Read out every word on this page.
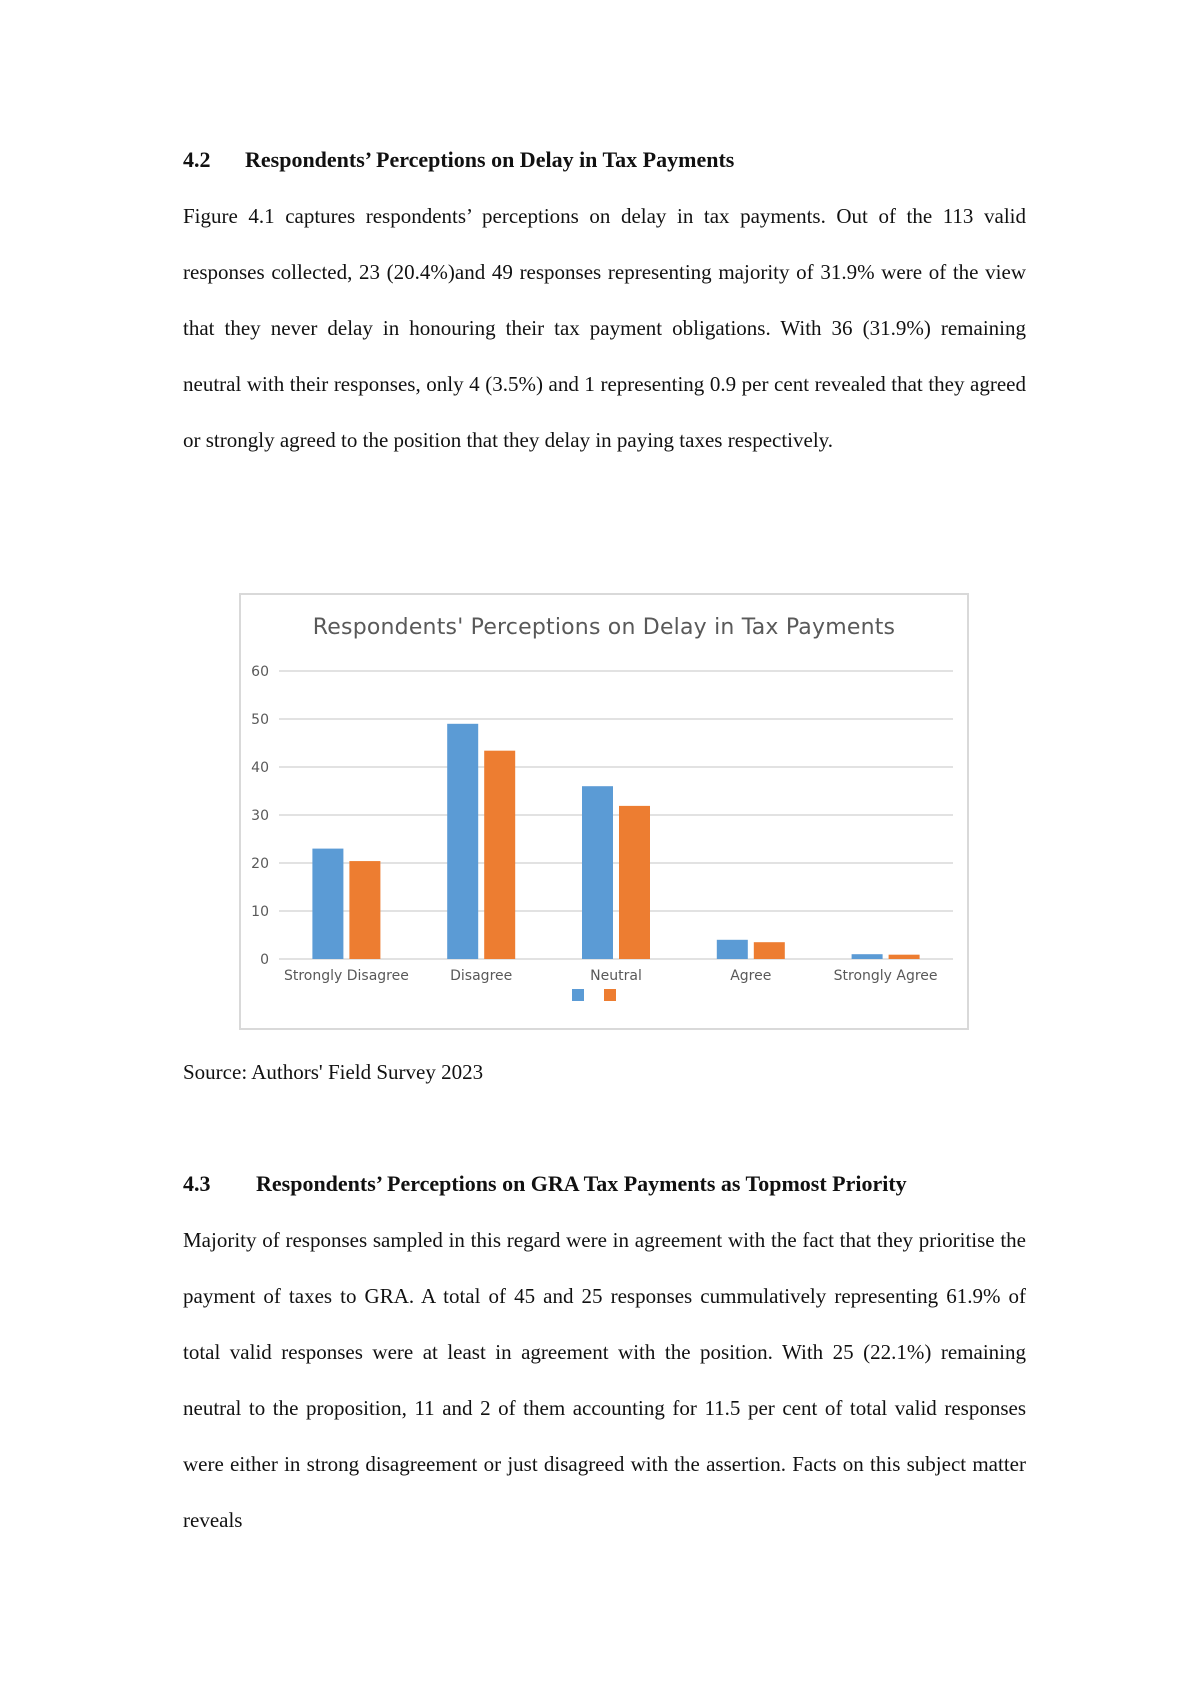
4.2 Respondents’ Perceptions on Delay in Tax Payments

Figure 4.1 captures respondents’ perceptions on delay in tax payments. Out of the 113 valid responses collected, 23 (20.4%)and 49 responses representing majority of 31.9% were of the view that they never delay in honouring their tax payment obligations. With 36 (31.9%) remaining neutral with their responses, only 4 (3.5%) and 1 representing 0.9 per cent revealed that they agreed or strongly agreed to the position that they delay in paying taxes respectively.

Respondents' Perceptions on Delay in Tax Payments
0
10
20
30
40
50
60
Strongly Disagree	Disagree	Neutral	Agree	Strongly Agree
Source: Authors' Field Survey 2023
4.3 Respondents’ Perceptions on GRA Tax Payments as Topmost Priority

Majority of responses sampled in this regard were in agreement with the fact that they prioritise the payment of taxes to GRA. A total of 45 and 25 responses cummulatively representing 61.9% of total valid responses were at least in agreement with the position. With 25 (22.1%) remaining neutral to the proposition, 11 and 2 of them accounting for 11.5 per cent of total valid responses were either in strong disagreement or just disagreed with the assertion. Facts on this subject matter reveals
